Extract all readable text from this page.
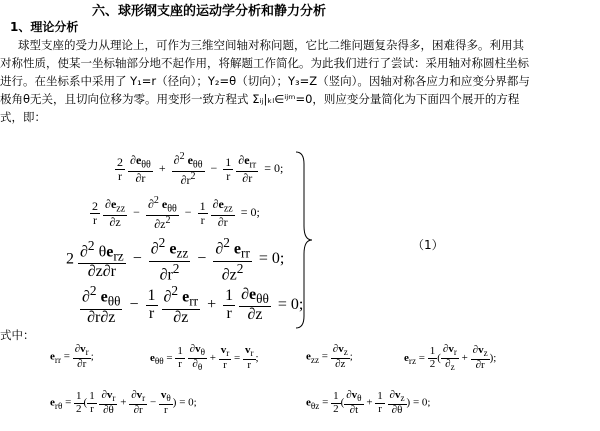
六、球形钢支座的运动学分析和静力分析
1、理论分析
球型支座的受力从理论上，可作为三维空间轴对称问题，它比二维问题复杂得多，困难得多。利用其
对称性质，使某一坐标轴部分地不起作用，将解题工作简化。为此我们进行了尝试：采用轴对称圆柱坐标
进行。在坐标系中采用了 Y₁=r（径向）；Y₂=θ（切向）；Y₃=Z（竖向）。因轴对称各应力和应变分界都与
极角θ无关，且切向位移为零。用变形一致方程式 Σᵢⱼ|ₖₗ∈ⁱʲᵐ=0，则应变分量简化为下面四个展开的方程
式，即：
$\frac{2}{r}$
$\frac{\partial e_{\theta\theta}}{\partial r} + \frac{\partial^2 e_{\theta\theta}}{\partial r^2} - \frac{1}{r}$
$\frac{\partial e_{rr}}{\partial r} = 0$;
$\frac{2}{r}$
$\frac{\partial e_{zz}}{\partial z} - \frac{\partial^2 e_{\theta\theta}}{\partial z^2} - \frac{1}{r}$
$\frac{\partial e_{zz}}{\partial r} = 0$;
$2 \frac{\partial^2 \theta e_{rz}}{\partial z\partial r} - \frac{\partial^2 e_{zz}}{\partial r^2} - \frac{\partial^2 e_{rr}}{\partial z^2} = 0$;
$\frac{\partial^2 e_{\theta\theta}}{\partial r\partial z} - \frac{1}{r}$
$\frac{\partial^2 e_{rr}}{\partial z} + \frac{1}{r}$
$\frac{\partial e_{\theta\theta}}{\partial z} = 0$;
（1）
式中：
$e_{rr} = \frac{\partial v_r}{\partial r}$ ;	$e_{\theta\theta} = \frac{1}{r}$
$\frac{\partial v_\theta}{\partial_\theta} + \frac{v_r}{r} = \frac{v_r}{r}$ ;	$e_{zz} = \frac{\partial v_z}{\partial z}$ ;	$e_{rz} = \frac{1}{2}$ ( $\frac{\partial v_r}{\partial_z} + \frac{\partial v_z}{\partial r}$ );
$e_{r\theta} = \frac{1}{2}$ ( $\frac{1}{r}$
$\frac{\partial v_r}{\partial\theta} + \frac{\partial v_r}{\partial r} - \frac{v_\theta}{r}$ ) = 0;	$e_{\theta z} = \frac{1}{2}$ ( $\frac{\partial v_\theta}{\partial t} + \frac{1}{r}$
$\frac{\partial v_z}{\partial\theta}$ ) = 0;
